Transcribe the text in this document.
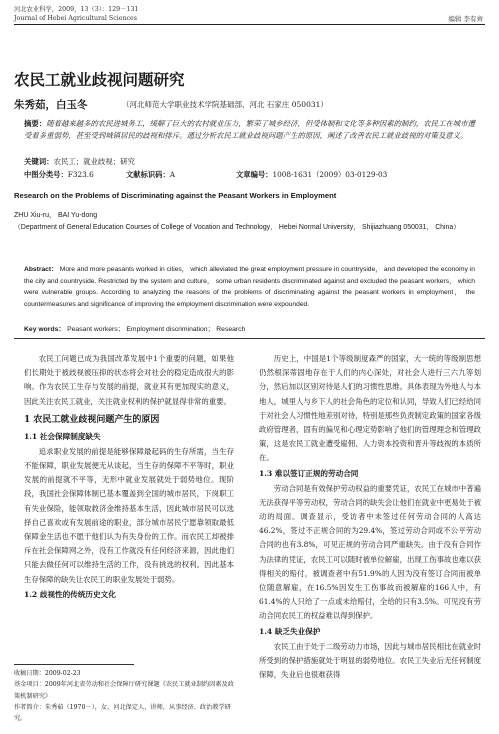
河北农业科学，2009，13（3）：129－131
Journal of Hebei Agricultural Sciences	编辑 李有齊
农民工就业歧视问题研究
朱秀茹，白玉冬	（河北师范大学职业技术学院基础部，河北 石家庄 050031）
摘要：随着越来越多的农民进城务工，缓解了巨大的农村就业压力，繁荣了城乡经济，但受体制和文化等多种因素的制约，农民工在城市遭受着多重弱势，甚至受到城镇居民的歧视和排斥。通过分析农民工就业歧视问题产生的原因，阐述了改善农民工就业歧视的对策及意义。
关键词：农民工；就业歧视；研究
中图分类号：F323.6	文献标识码：A	文章编号：1008-1631（2009）03-0129-03
Research on the Problems of Discriminating against the Peasant Workers in Employment
ZHU Xiu-ru， BAI Yu-dong
（Department of General Education Courses of College of Vocation and Technology， Hebei Normal University， Shijiazhuang 050031， China）
Abstract： More and more peasants worked in cities， which alleviated the great employment pressure in countryside， and developed the economy in the city and countryside. Restricted by the system and culture， some urban residents discriminated against and excluded the peasant workers， which were vulnerable groups. According to analyzing the reasons of the problems of discriminating against the peasant workers in employment， the countermeasures and significance of improving the employment discrimination were expounded.
Key words： Peasant workers； Employment discrimination； Research

农民工问题已成为我国改革发展中1个重要的问题，如果他们长期处于被歧视被压抑的状态将会对社会的稳定造成很大的影响。作为农民工生存与发展的前提，就业其有更加现实的意义，因此关注农民工就业，关注就业权利的保护就显得非常的重要。

1 农民工就业歧视问题产生的原因
1.1 社会保障制度缺失

追求职业发展的前提是能够保障最起码的生存所需，当生存不能保障，职业发展便无从谈起，当生存的保障不平等时，职业发展的前提就不平等，无形中就业发展就处于弱势地位。现阶段，我国社会保障体制已基本覆盖到全国的城市居民，下岗职工有失业保险，能领取救济金维持基本生活，因此城市居民可以选择自己喜欢或有发展前途的职业，部分城市居民宁愿靠领取最低保障金生活也不愿干他们认为有失身份的工作。而农民工却被排斥在社会保障网之外，没有工作就没有任何经济来源，因此他们只能去做任何可以维持生活的工作，没有挑选的权利。因此基本生存保障的缺失让农民工的职业发展处于弱势。

1.2 歧视性的传统历史文化

历史上，中国是1个等级制度森严的国家，大一统的等级制思想仍然根深蒂固地存在于人们的内心深处，对社会人进行三六九等划分，然后加以区别对待是人们的习惯性思维。具体表现为外地人与本地人，城里人与乡下人的社会角色的定位和认同，导致人们已经给同于对社会人习惯性地差别对待，特别是那些负责制定政策的国家各级政府管理者，固有的偏见和心理定势影响了他们的管理理念和管理政策，这是农民工就业遭受雇佣、人力资本投资和晋升等歧视的本质所在。

1.3 难以签订正规的劳动合同

劳动合同是有效保护劳动权益的重要凭证，农民工在城市中普遍无法获得平等劳动权，劳动合同的缺失会让他们在就业中更易处于被动的局面。调查显示，受访者中未签过任何劳动合同的人高达46.2%，签过不正规合同的为29.4%，签过劳动合同或不公平劳动合同的也有3.8%，可见正规的劳动合同严重缺失。由于没有合同作为法律的凭证，农民工可以随时被单位解雇，出现工伤事故也难以获得相关的赔付，被调查者中有51.9%的人因为没有签订合同而被单位随意解雇，在16.5%因发生工伤事故而被解雇的166人中，有61.4%的人只给了一点或未给赔付，全给的只有3.5%。可见没有劳动合同农民工的权益难以得到保护。

1.4 缺乏失业保护

农民工由于处于二级劳动力市场，因此与城市居民相比在就业时所受到的保护措施就处于明显的弱势地位。农民工失业后无任何制度保障，失业后也很难获得

收稿日期：2009-02-23
基金项目：2009年河北省劳动和社会保障厅研究课题《农民工就业制约因素及政策机制研究》
作者简介：朱秀茹（1970－），女，河北保定人，讲师，从事经济、政治教学研究。
